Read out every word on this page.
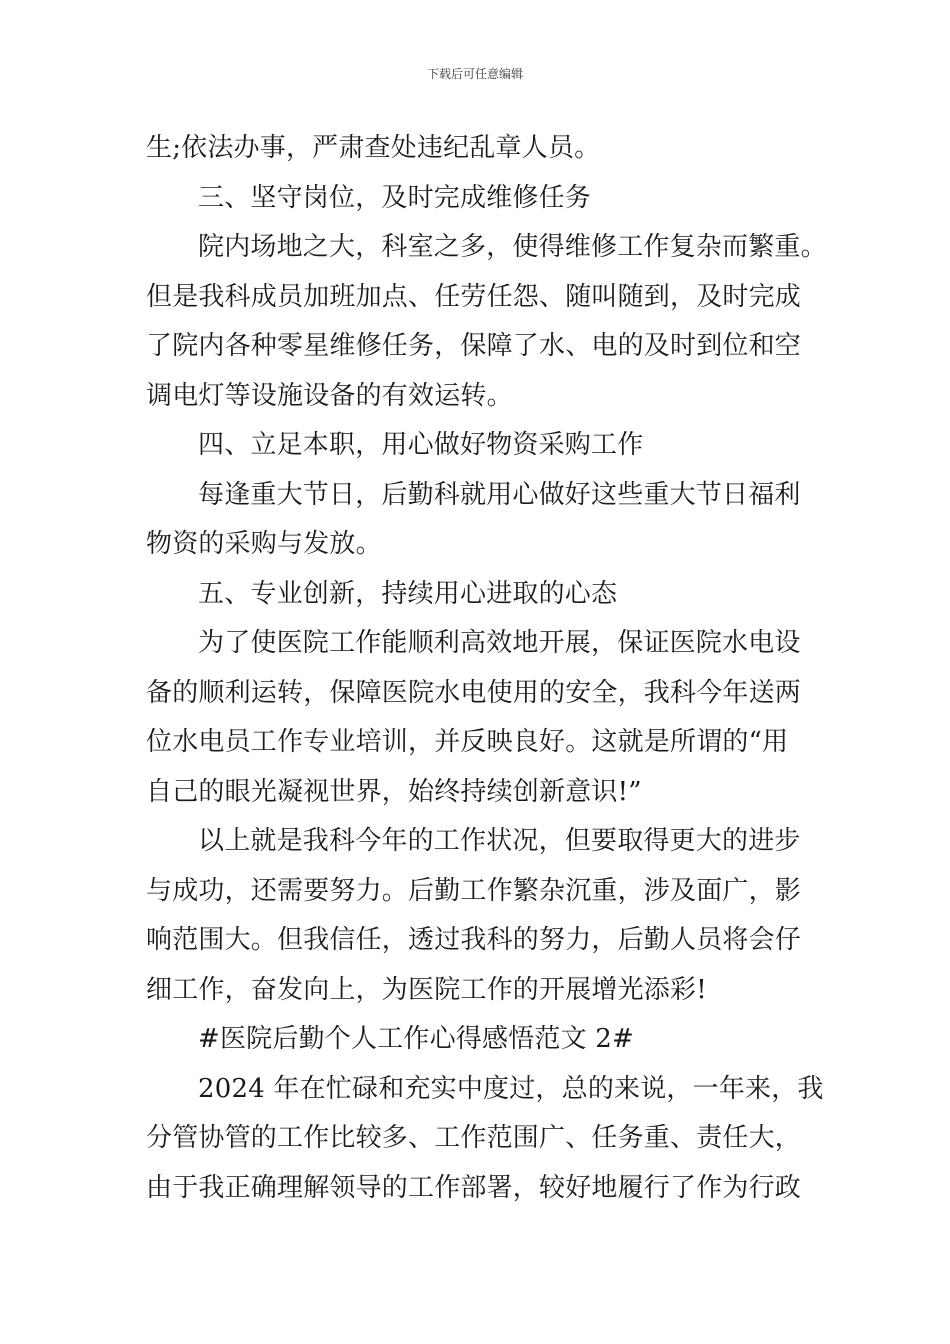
下载后可任意编辑
生;依法办事，严肃查处违纪乱章人员。
三、坚守岗位，及时完成维修任务
院内场地之大，科室之多，使得维修工作复杂而繁重。
但是我科成员加班加点、任劳任怨、随叫随到，及时完成
了院内各种零星维修任务，保障了水、电的及时到位和空
调电灯等设施设备的有效运转。
四、立足本职，用心做好物资采购工作
每逢重大节日，后勤科就用心做好这些重大节日福利
物资的采购与发放。
五、专业创新，持续用心进取的心态
为了使医院工作能顺利高效地开展，保证医院水电设
备的顺利运转，保障医院水电使用的安全，我科今年送两
位水电员工作专业培训，并反映良好。这就是所谓的“用
自己的眼光凝视世界，始终持续创新意识!”
以上就是我科今年的工作状况，但要取得更大的进步
与成功，还需要努力。后勤工作繁杂沉重，涉及面广，影
响范围大。但我信任，透过我科的努力，后勤人员将会仔
细工作，奋发向上，为医院工作的开展增光添彩!
#医院后勤个人工作心得感悟范文 2#
2024 年在忙碌和充实中度过，总的来说，一年来，我
分管协管的工作比较多、工作范围广、任务重、责任大，
由于我正确理解领导的工作部署，较好地履行了作为行政
